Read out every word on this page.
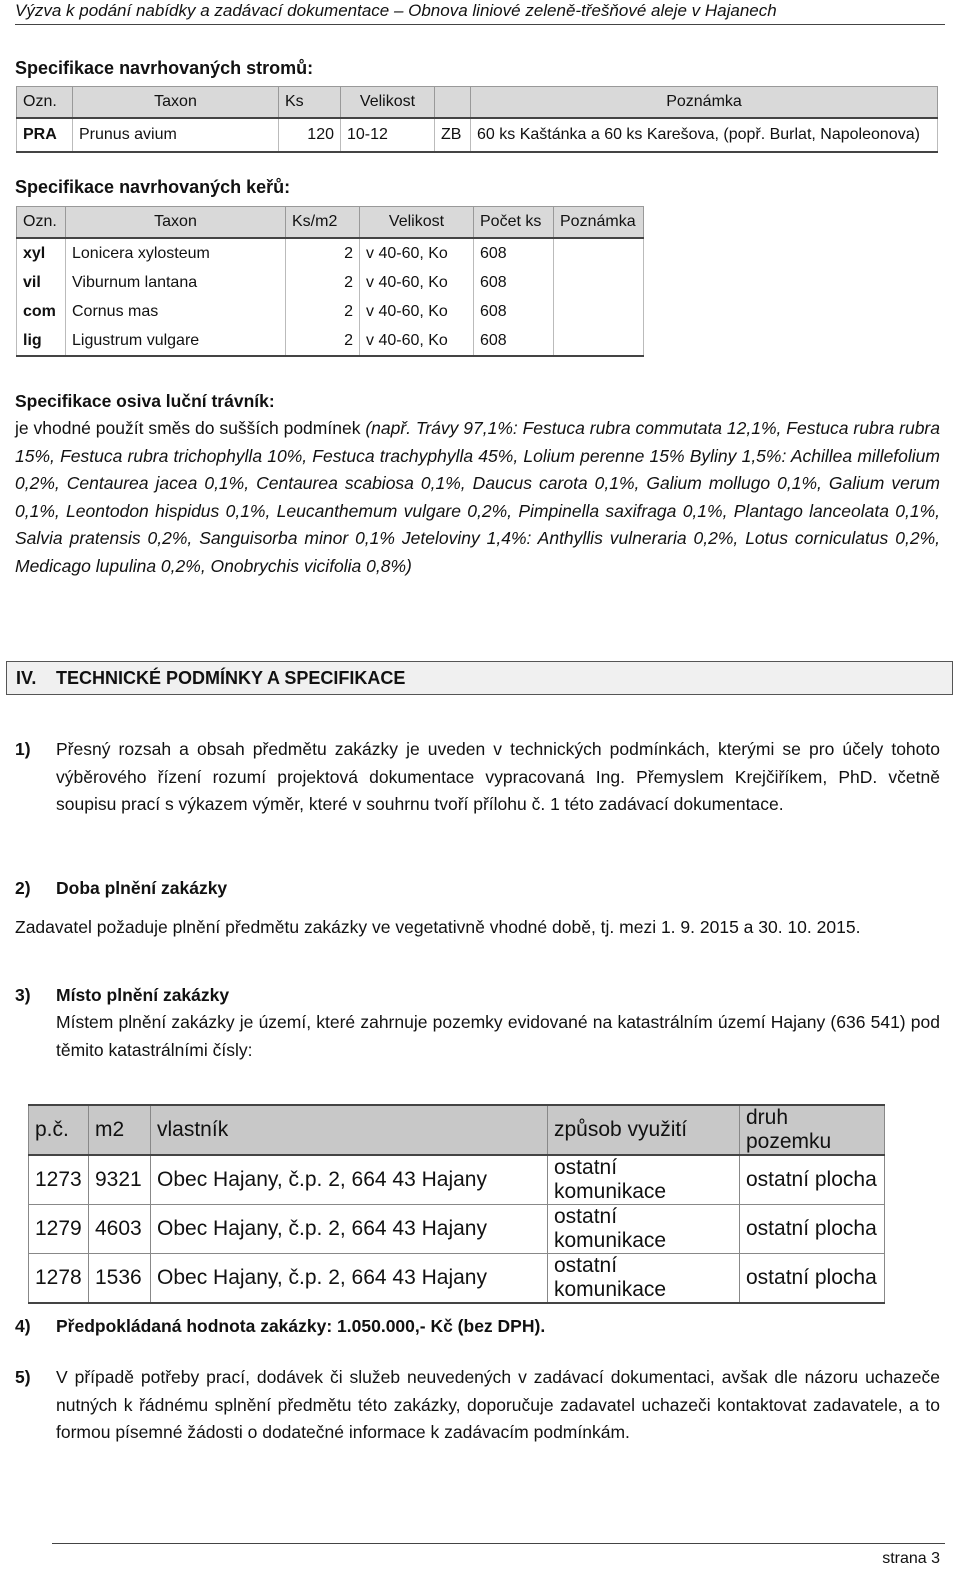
Výzva k podání nabídky a zadávací dokumentace – Obnova liniové zeleně-třešňové aleje v Hajanech
Specifikace navrhovaných stromů:
Ozn.	Taxon	Ks	Velikost		Poznámka
PRA	Prunus avium	120	10-12	ZB	60 ks Kaštánka a 60 ks Karešova, (popř. Burlat, Napoleonova)
Specifikace navrhovaných keřů:
Ozn.	Taxon	Ks/m2	Velikost	Počet ks	Poznámka
xyl	Lonicera xylosteum	2	v 40-60, Ko	608	
vil	Viburnum lantana	2	v 40-60, Ko	608	
com	Cornus mas	2	v 40-60, Ko	608	
lig	Ligustrum vulgare	2	v 40-60, Ko	608	
Specifikace osiva luční trávník:
je vhodné použít směs do sušších podmínek (např. Trávy 97,1%: Festuca rubra commutata 12,1%, Festuca rubra rubra 15%, Festuca rubra trichophylla 10%, Festuca trachyphylla 45%, Lolium perenne 15% Byliny 1,5%: Achillea millefolium 0,2%, Centaurea jacea 0,1%, Centaurea scabiosa 0,1%, Daucus carota 0,1%, Galium mollugo 0,1%, Galium verum 0,1%, Leontodon hispidus 0,1%, Leucanthemum vulgare 0,2%, Pimpinella saxifraga 0,1%, Plantago lanceolata 0,1%, Salvia pratensis 0,2%, Sanguisorba minor 0,1% Jeteloviny 1,4%: Anthyllis vulneraria 0,2%, Lotus corniculatus 0,2%, Medicago lupulina 0,2%, Onobrychis vicifolia 0,8%)
IV. TECHNICKÉ PODMÍNKY A SPECIFIKACE
1) Přesný rozsah a obsah předmětu zakázky je uveden v technických podmínkách, kterými se pro účely tohoto výběrového řízení rozumí projektová dokumentace vypracovaná Ing. Přemyslem Krejčiříkem, PhD. včetně soupisu prací s výkazem výměr, které v souhrnu tvoří přílohu č. 1 této zadávací dokumentace.
2) Doba plnění zakázky
Zadavatel požaduje plnění předmětu zakázky ve vegetativně vhodné době, tj. mezi 1. 9. 2015 a 30. 10. 2015.
3) Místo plnění zakázky
Místem plnění zakázky je území, které zahrnuje pozemky evidované na katastrálním území Hajany (636 541) pod těmito katastrálními čísly:
p.č.	m2	vlastník	způsob využití	druh pozemku
1273	9321	Obec Hajany, č.p. 2, 664 43 Hajany	ostatní komunikace	ostatní plocha
1279	4603	Obec Hajany, č.p. 2, 664 43 Hajany	ostatní komunikace	ostatní plocha
1278	1536	Obec Hajany, č.p. 2, 664 43 Hajany	ostatní komunikace	ostatní plocha
4) Předpokládaná hodnota zakázky: 1.050.000,- Kč (bez DPH).
5) V případě potřeby prací, dodávek či služeb neuvedených v zadávací dokumentaci, avšak dle názoru uchazeče nutných k řádnému splnění předmětu této zakázky, doporučuje zadavatel uchazeči kontaktovat zadavatele, a to formou písemné žádosti o dodatečné informace k zadávacím podmínkám.
strana 3
